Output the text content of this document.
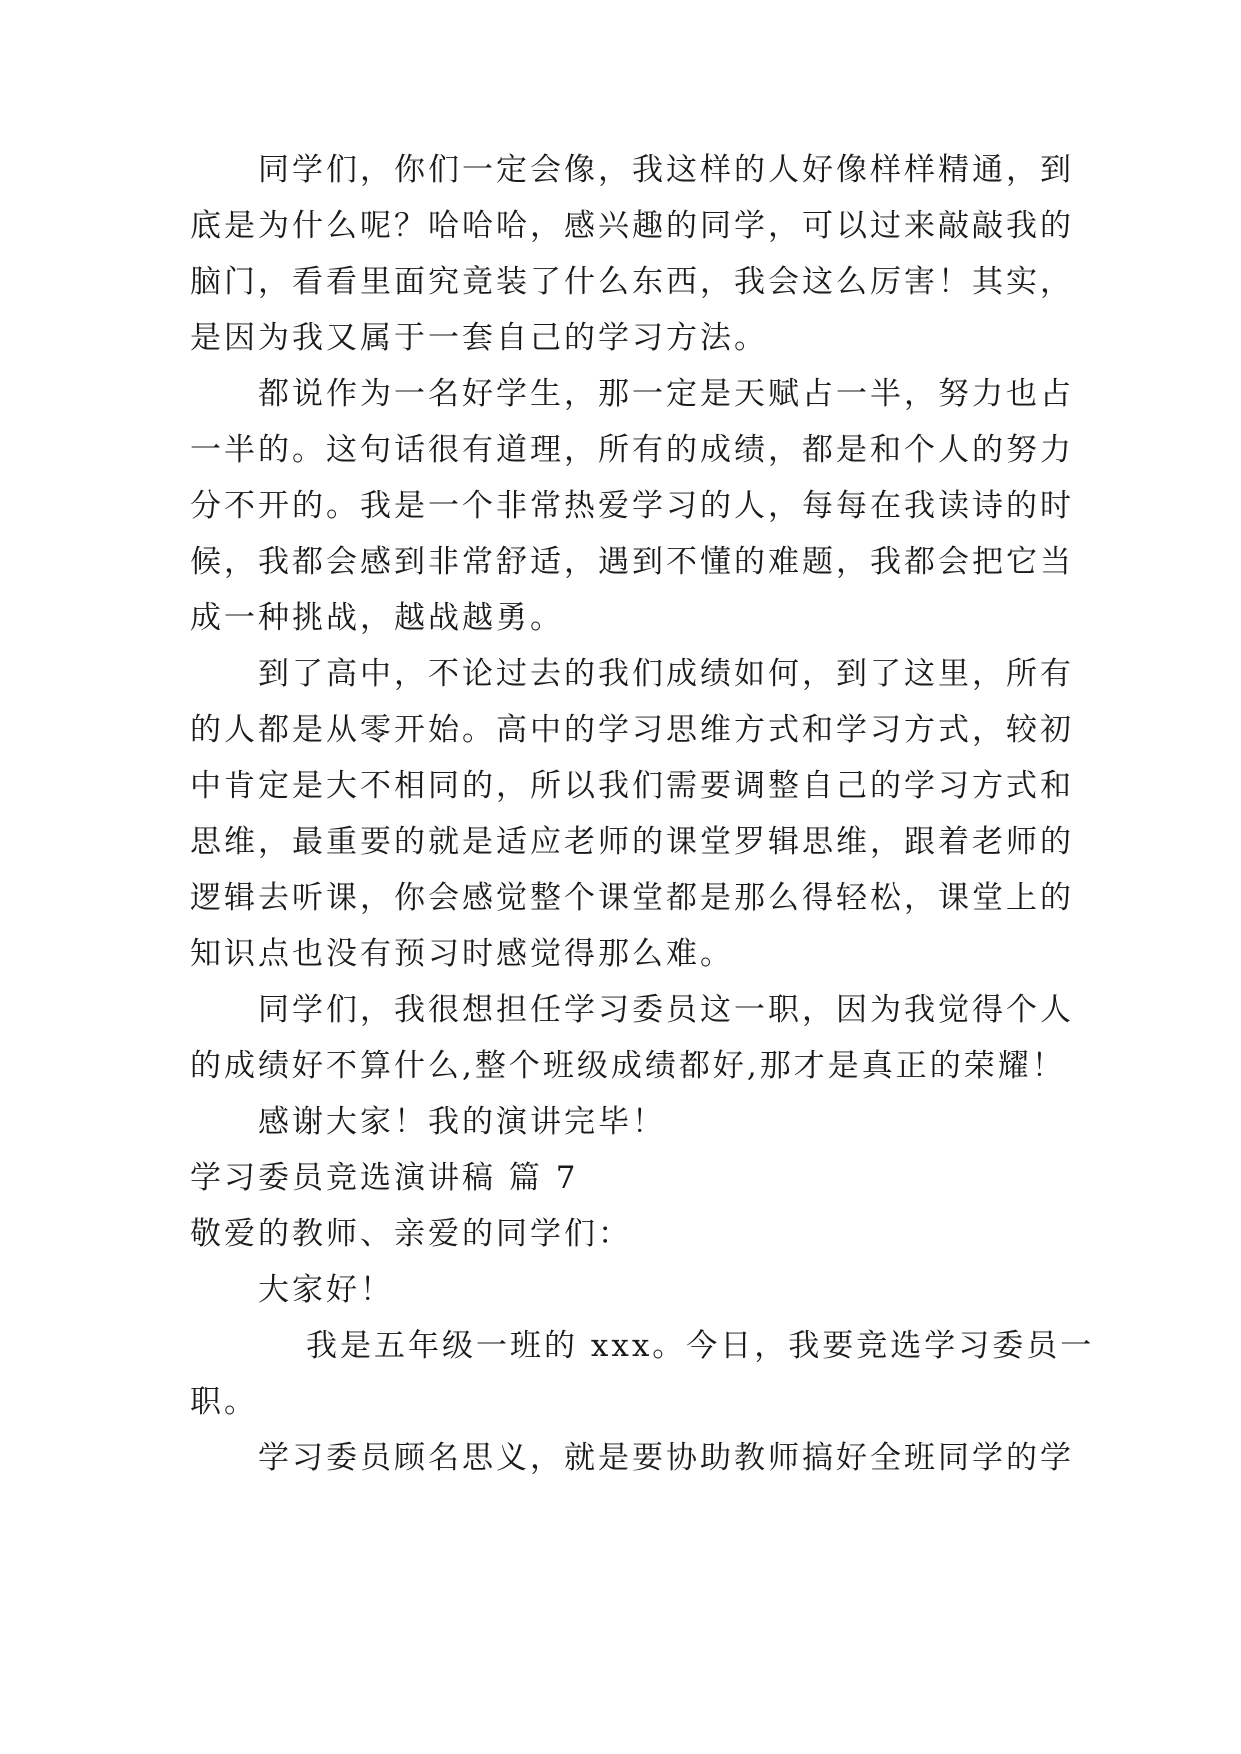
同学们，你们一定会像，我这样的人好像样样精通，到
底是为什么呢？哈哈哈，感兴趣的同学，可以过来敲敲我的
脑门，看看里面究竟装了什么东西，我会这么厉害！其实，
是因为我又属于一套自己的学习方法。
都说作为一名好学生，那一定是天赋占一半，努力也占
一半的。这句话很有道理，所有的成绩，都是和个人的努力
分不开的。我是一个非常热爱学习的人，每每在我读诗的时
候，我都会感到非常舒适，遇到不懂的难题，我都会把它当
成一种挑战，越战越勇。
到了高中，不论过去的我们成绩如何，到了这里，所有
的人都是从零开始。高中的学习思维方式和学习方式，较初
中肯定是大不相同的，所以我们需要调整自己的学习方式和
思维，最重要的就是适应老师的课堂罗辑思维，跟着老师的
逻辑去听课，你会感觉整个课堂都是那么得轻松，课堂上的
知识点也没有预习时感觉得那么难。
同学们，我很想担任学习委员这一职，因为我觉得个人
的成绩好不算什么,整个班级成绩都好,那才是真正的荣耀！
感谢大家！我的演讲完毕！
学习委员竞选演讲稿 篇 7
敬爱的教师、亲爱的同学们：
大家好！
我是五年级一班的 xxx。今日，我要竞选学习委员一
职。
学习委员顾名思义，就是要协助教师搞好全班同学的学
